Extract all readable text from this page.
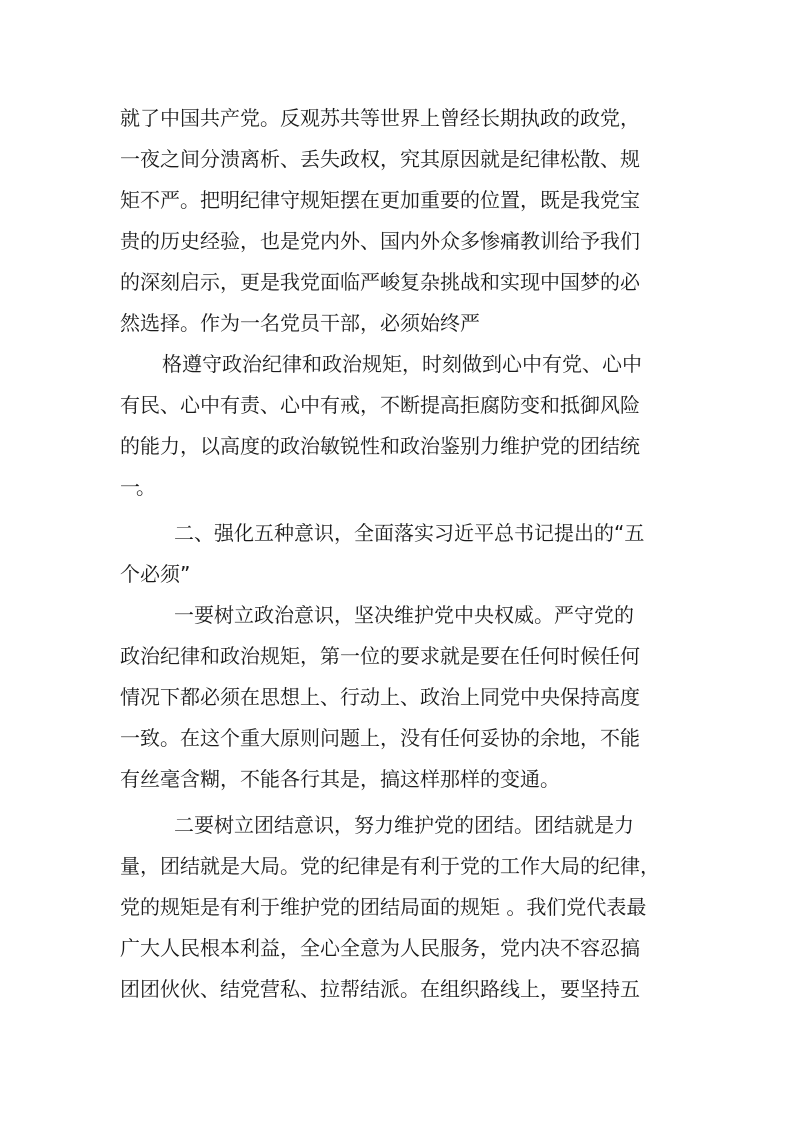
就了中国共产党。反观苏共等世界上曾经长期执政的政党，
一夜之间分溃离析、丢失政权，究其原因就是纪律松散、规
矩不严。把明纪律守规矩摆在更加重要的位置，既是我党宝
贵的历史经验，也是党内外、国内外众多惨痛教训给予我们
的深刻启示，更是我党面临严峻复杂挑战和实现中国梦的必
然选择。作为一名党员干部，必须始终严
格遵守政治纪律和政治规矩，时刻做到心中有党、心中
有民、心中有责、心中有戒，不断提高拒腐防变和抵御风险
的能力，以高度的政治敏锐性和政治鉴别力维护党的团结统
一。
二、强化五种意识，全面落实习近平总书记提出的“五
个必须”
一要树立政治意识，坚决维护党中央权威。严守党的
政治纪律和政治规矩，第一位的要求就是要在任何时候任何
情况下都必须在思想上、行动上、政治上同党中央保持高度
一致。在这个重大原则问题上，没有任何妥协的余地，不能
有丝毫含糊，不能各行其是，搞这样那样的变通。
二要树立团结意识，努力维护党的团结。团结就是力
量，团结就是大局。党的纪律是有利于党的工作大局的纪律，
党的规矩是有利于维护党的团结局面的规矩 。我们党代表最
广大人民根本利益，全心全意为人民服务，党内决不容忍搞
团团伙伙、结党营私、拉帮结派。在组织路线上，要坚持五
